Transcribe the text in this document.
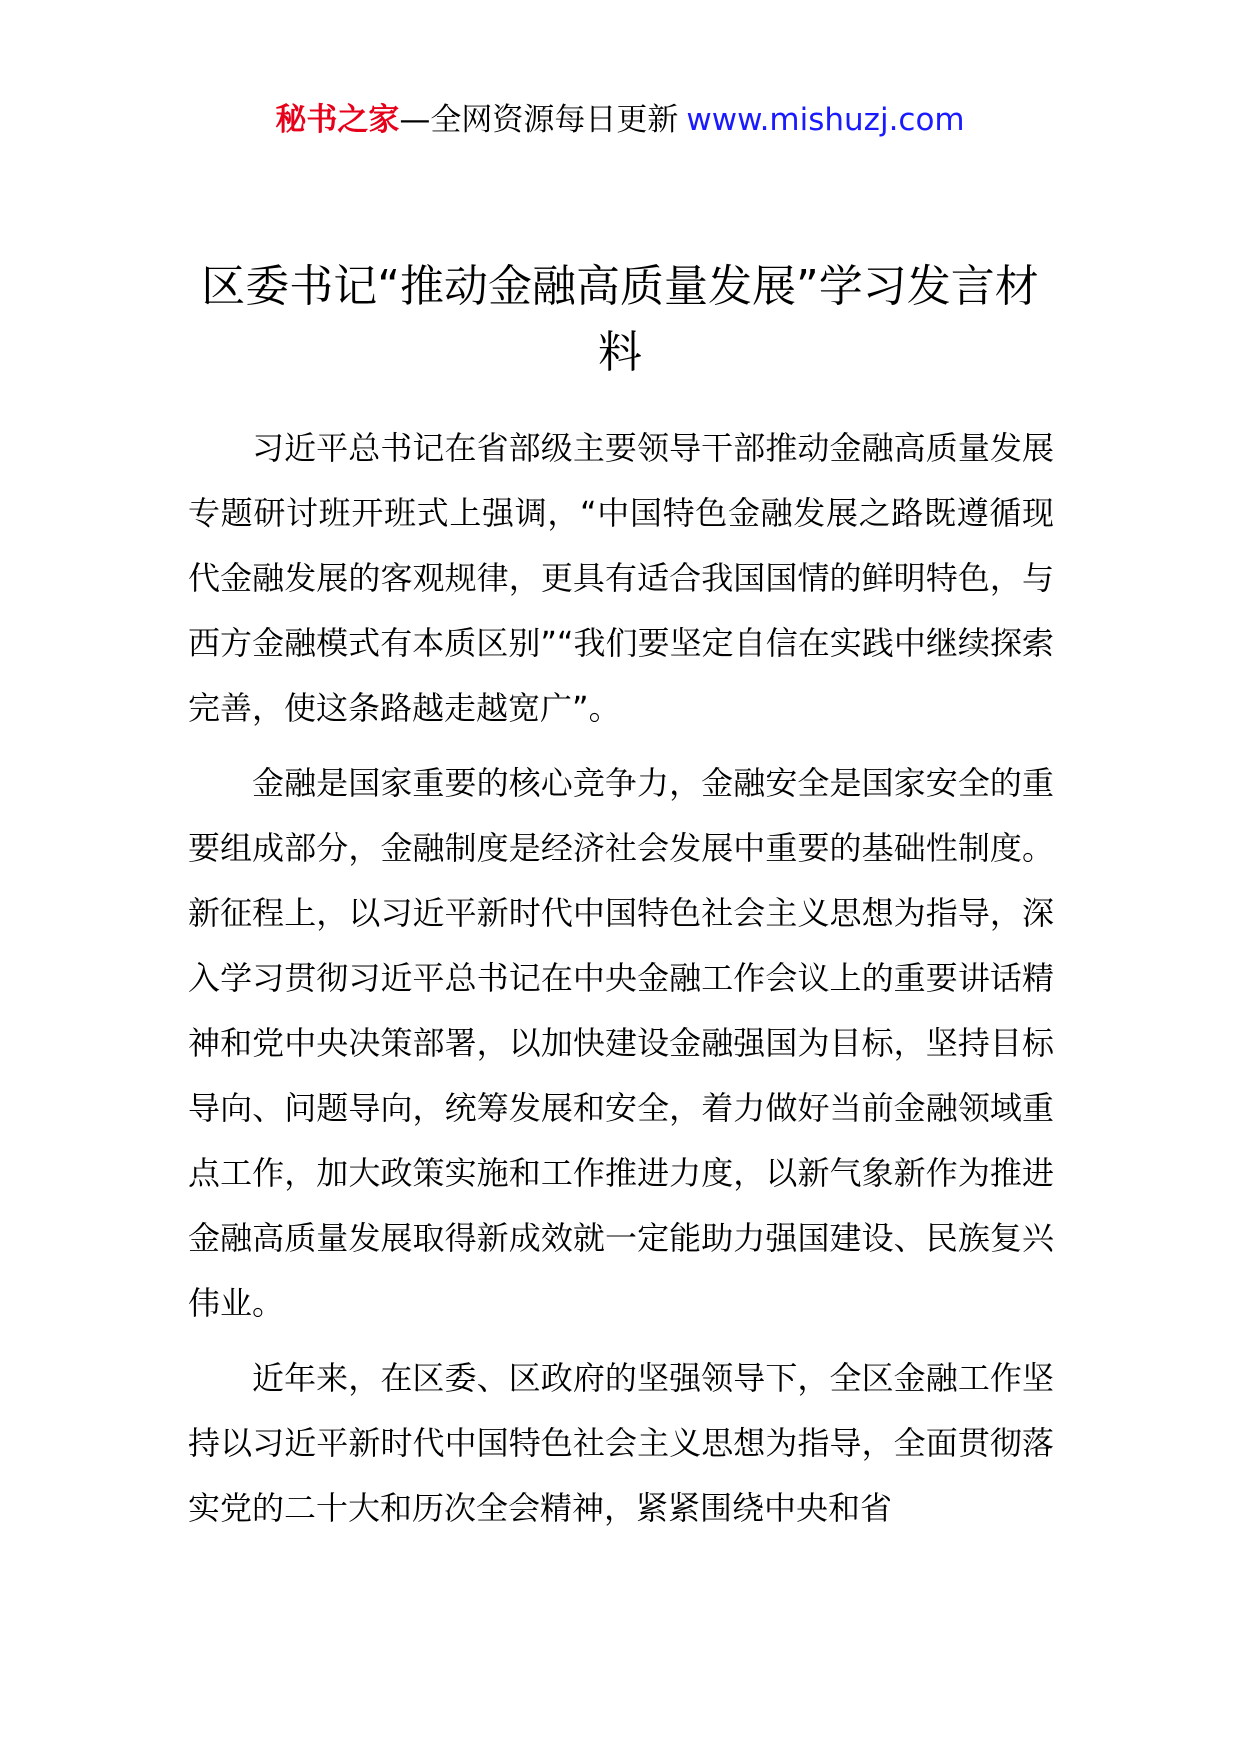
秘书之家—全网资源每日更新 www.mishuzj.com
区委书记“推动金融高质量发展”学习发言材料

习近平总书记在省部级主要领导干部推动金融高质量发展专题研讨班开班式上强调，“中国特色金融发展之路既遵循现代金融发展的客观规律，更具有适合我国国情的鲜明特色，与西方金融模式有本质区别”“我们要坚定自信在实践中继续探索完善，使这条路越走越宽广”。

金融是国家重要的核心竞争力，金融安全是国家安全的重要组成部分，金融制度是经济社会发展中重要的基础性制度。新征程上，以习近平新时代中国特色社会主义思想为指导，深入学习贯彻习近平总书记在中央金融工作会议上的重要讲话精神和党中央决策部署，以加快建设金融强国为目标，坚持目标导向、问题导向，统筹发展和安全，着力做好当前金融领域重点工作，加大政策实施和工作推进力度，以新气象新作为推进金融高质量发展取得新成效就一定能助力强国建设、民族复兴伟业。

近年来，在区委、区政府的坚强领导下，全区金融工作坚持以习近平新时代中国特色社会主义思想为指导，全面贯彻落实党的二十大和历次全会精神，紧紧围绕中央和省
